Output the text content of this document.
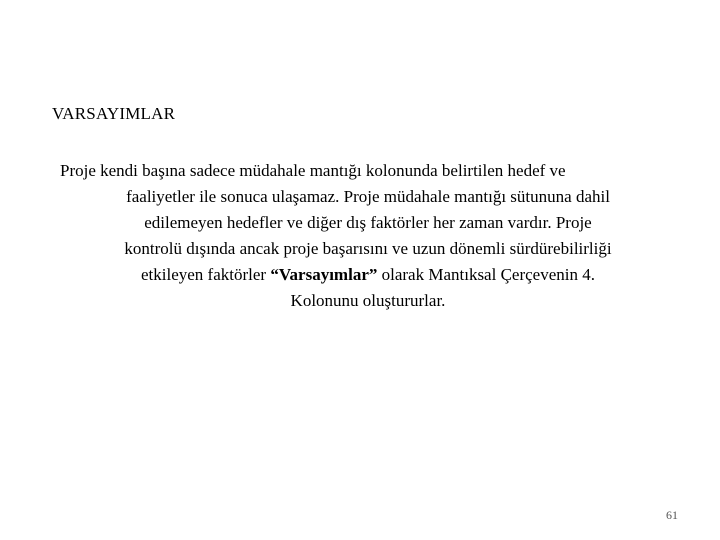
VARSAYIMLAR
Proje kendi başına sadece müdahale mantığı kolonunda belirtilen hedef ve
faaliyetler ile sonuca ulaşamaz. Proje müdahale mantığı sütununa dahil
edilemeyen hedefler ve diğer dış faktörler her zaman vardır. Proje
kontrolü dışında ancak proje başarısını ve uzun dönemli sürdürebilirliği
etkileyen faktörler “Varsayımlar” olarak Mantıksal Çerçevenin 4.
Kolonunu oluştururlar.
61
